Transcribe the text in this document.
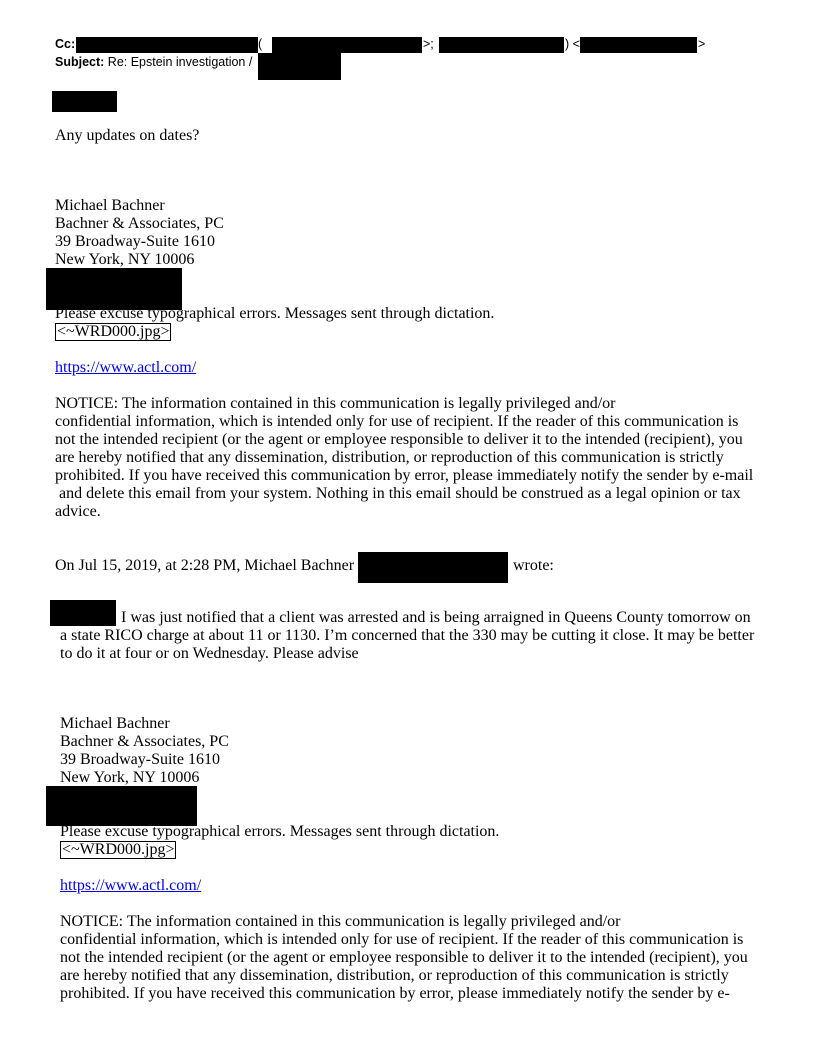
Cc:	(	>;	) <	>
Subject: Re: Epstein investigation /
Any updates on dates?
Michael Bachner
Bachner & Associates, PC
39 Broadway-Suite 1610
New York, NY 10006
Please excuse typographical errors. Messages sent through dictation.
<~WRD000.jpg>
https://www.actl.com/
NOTICE: The information contained in this communication is legally privileged and/or
confidential information, which is intended only for use of recipient. If the reader of this communication is
not the intended recipient (or the agent or employee responsible to deliver it to the intended (recipient), you
are hereby notified that any dissemination, distribution, or reproduction of this communication is strictly
prohibited. If you have received this communication by error, please immediately notify the sender by e-mail
and delete this email from your system. Nothing in this email should be construed as a legal opinion or tax
advice.
On Jul 15, 2019, at 2:28 PM, Michael Bachner	wrote:
I was just notified that a client was arrested and is being arraigned in Queens County tomorrow on
a state RICO charge at about 11 or 1130. I’m concerned that the 330 may be cutting it close. It may be better
to do it at four or on Wednesday. Please advise
Michael Bachner
Bachner & Associates, PC
39 Broadway-Suite 1610
New York, NY 10006
Please excuse typographical errors. Messages sent through dictation.
<~WRD000.jpg>
https://www.actl.com/
NOTICE: The information contained in this communication is legally privileged and/or
confidential information, which is intended only for use of recipient. If the reader of this communication is
not the intended recipient (or the agent or employee responsible to deliver it to the intended (recipient), you
are hereby notified that any dissemination, distribution, or reproduction of this communication is strictly
prohibited. If you have received this communication by error, please immediately notify the sender by e-
